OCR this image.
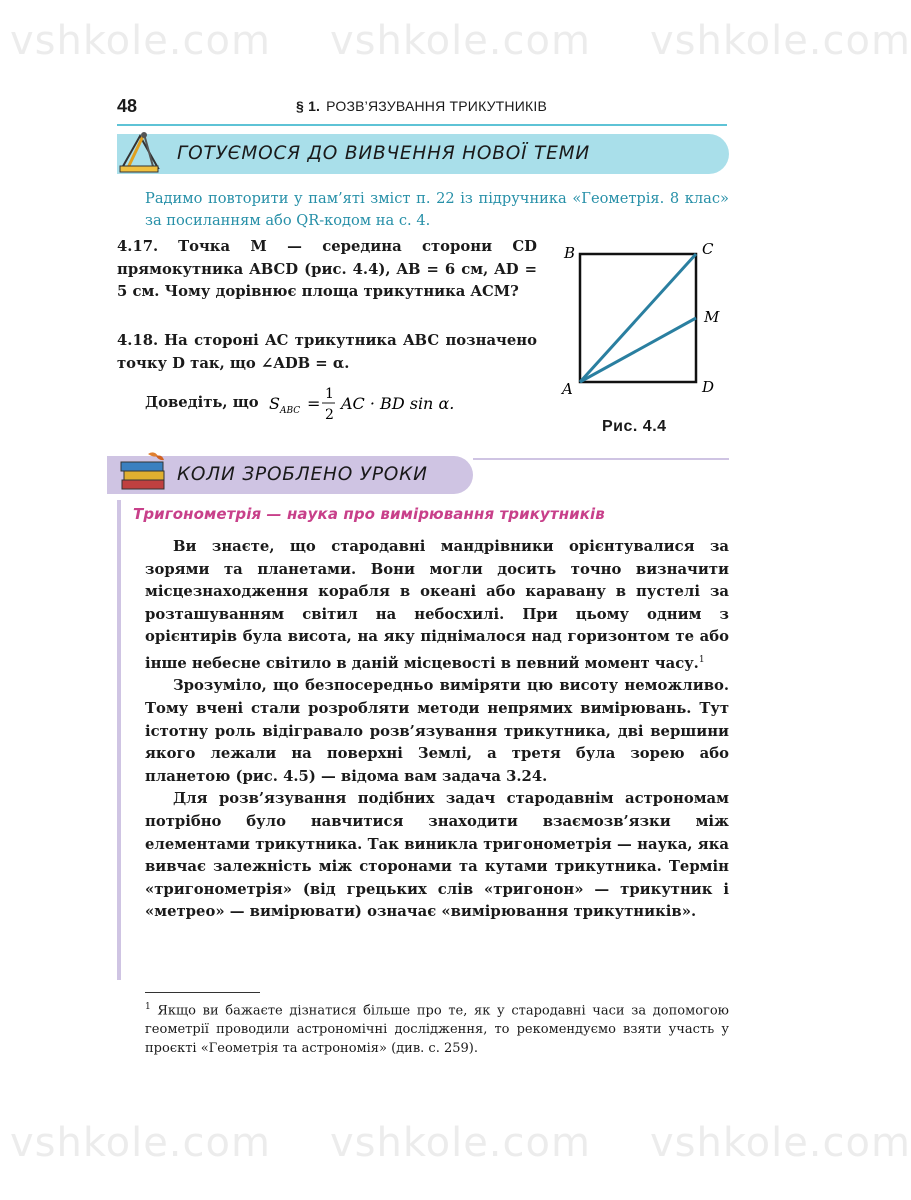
48	§ 1. РОЗВ’ЯЗУВАННЯ ТРИКУТНИКІВ
ГОТУЄМОСЯ ДО ВИВЧЕННЯ НОВОЇ ТЕМИ
Радимо повторити у пам’яті зміст п. 22 із підручника «Геометрія. 8 клас» за посиланням або QR-кодом на с. 4.
4.17. Точка M — середина сторони CD прямокутника ABCD (рис. 4.4), AB = 6 см, AD = 5 см. Чому дорівнює площа трикутника ACM?
4.18. На стороні AC трикутника ABC позначено точку D так, що ∠ADB = α.
Доведіть, що S ABC = 1
2
AC · BD sin α.
B	C
M
A	D
Рис. 4.4
КОЛИ ЗРОБЛЕНО УРОКИ
Тригонометрія — наука про вимірювання трикутників

Ви знаєте, що стародавні мандрівники орієнтувалися за зорями та планетами. Вони могли досить точно визначити місцезнаходження корабля в океані або каравану в пустелі за розташуванням світил на небосхилі. При цьому одним з орієнтирів була висота, на яку піднімалося над горизонтом те або інше небесне світило в даній місцевості в певний момент часу.$^1$

Зрозуміло, що безпосередньо виміряти цю висоту неможливо. Тому вчені стали розробляти методи непрямих вимірювань. Тут істотну роль відігравало розв’язування трикутника, дві вершини якого лежали на поверхні Землі, а третя була зорею або планетою (рис. 4.5) — відома вам задача 3.24.

Для розв’язування подібних задач стародавнім астрономам потрібно було навчитися знаходити взаємозв’язки між елементами трикутника. Так виникла тригонометрія — наука, яка вивчає залежність між сторонами та кутами трикутника. Термін «тригонометрія» (від грецьких слів «тригонон» — трикутник і «метрео» — вимірювати) означає «вимірювання трикутників».

$^1$ Якщо ви бажаєте дізнатися більше про те, як у стародавні часи за допомогою геометрії проводили астрономічні дослідження, то рекомендуємо взяти участь у проєкті «Геометрія та астрономія» (див. с. 259).
vshkole.com vshkole.com vshkole.com
vshkole.com vshkole.com vshkole.com
